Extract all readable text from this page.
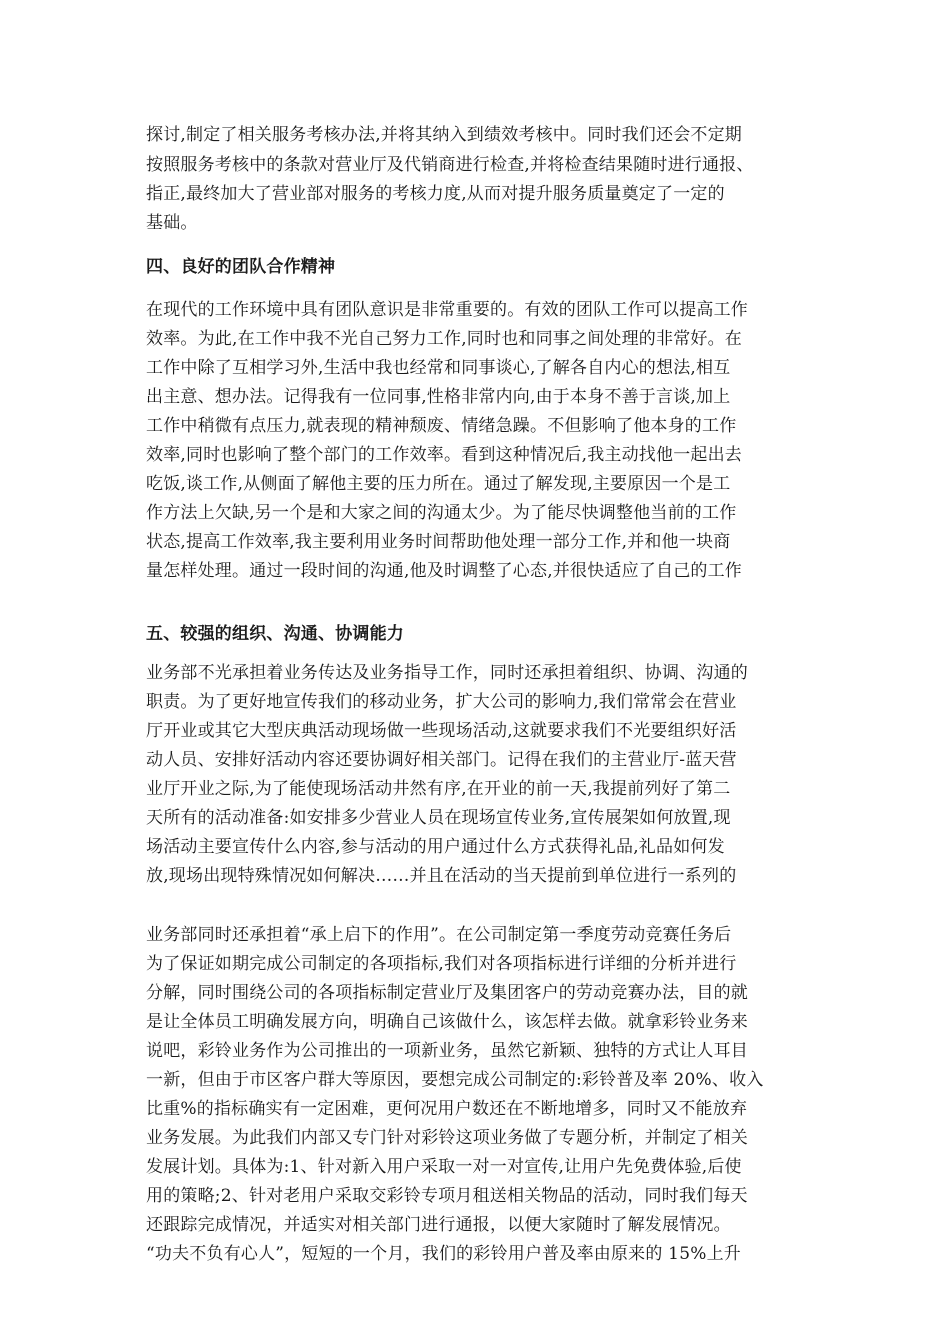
探讨,制定了相关服务考核办法,并将其纳入到绩效考核中。同时我们还会不定期

按照服务考核中的条款对营业厅及代销商进行检查,并将检查结果随时进行通报、

指正,最终加大了营业部对服务的考核力度,从而对提升服务质量奠定了一定的

基础。

四、良好的团队合作精神

在现代的工作环境中具有团队意识是非常重要的。有效的团队工作可以提高工作

效率。为此,在工作中我不光自己努力工作,同时也和同事之间处理的非常好。在

工作中除了互相学习外,生活中我也经常和同事谈心,了解各自内心的想法,相互

出主意、想办法。记得我有一位同事,性格非常内向,由于本身不善于言谈,加上

工作中稍微有点压力,就表现的精神颓废、情绪急躁。不但影响了他本身的工作

效率,同时也影响了整个部门的工作效率。看到这种情况后,我主动找他一起出去

吃饭,谈工作,从侧面了解他主要的压力所在。通过了解发现,主要原因一个是工

作方法上欠缺,另一个是和大家之间的沟通太少。为了能尽快调整他当前的工作

状态,提高工作效率,我主要利用业务时间帮助他处理一部分工作,并和他一块商

量怎样处理。通过一段时间的沟通,他及时调整了心态,并很快适应了自己的工作

五、较强的组织、沟通、协调能力

业务部不光承担着业务传达及业务指导工作，同时还承担着组织、协调、沟通的

职责。为了更好地宣传我们的移动业务，扩大公司的影响力,我们常常会在营业

厅开业或其它大型庆典活动现场做一些现场活动,这就要求我们不光要组织好活

动人员、安排好活动内容还要协调好相关部门。记得在我们的主营业厅-蓝天营

业厅开业之际,为了能使现场活动井然有序,在开业的前一天,我提前列好了第二

天所有的活动准备:如安排多少营业人员在现场宣传业务,宣传展架如何放置,现

场活动主要宣传什么内容,参与活动的用户通过什么方式获得礼品,礼品如何发

放,现场出现特殊情况如何解决……并且在活动的当天提前到单位进行一系列的

业务部同时还承担着“承上启下的作用”。在公司制定第一季度劳动竞赛任务后

为了保证如期完成公司制定的各项指标,我们对各项指标进行详细的分析并进行

分解，同时围绕公司的各项指标制定营业厅及集团客户的劳动竞赛办法，目的就

是让全体员工明确发展方向，明确自己该做什么，该怎样去做。就拿彩铃业务来

说吧，彩铃业务作为公司推出的一项新业务，虽然它新颖、独特的方式让人耳目

一新，但由于市区客户群大等原因，要想完成公司制定的:彩铃普及率 20%、收入

比重%的指标确实有一定困难，更何况用户数还在不断地增多，同时又不能放弃

业务发展。为此我们内部又专门针对彩铃这项业务做了专题分析，并制定了相关

发展计划。具体为:1、针对新入用户采取一对一对宣传,让用户先免费体验,后使

用的策略;2、针对老用户采取交彩铃专项月租送相关物品的活动，同时我们每天

还跟踪完成情况，并适实对相关部门进行通报，以便大家随时了解发展情况。

“功夫不负有心人”，短短的一个月，我们的彩铃用户普及率由原来的 15%上升
